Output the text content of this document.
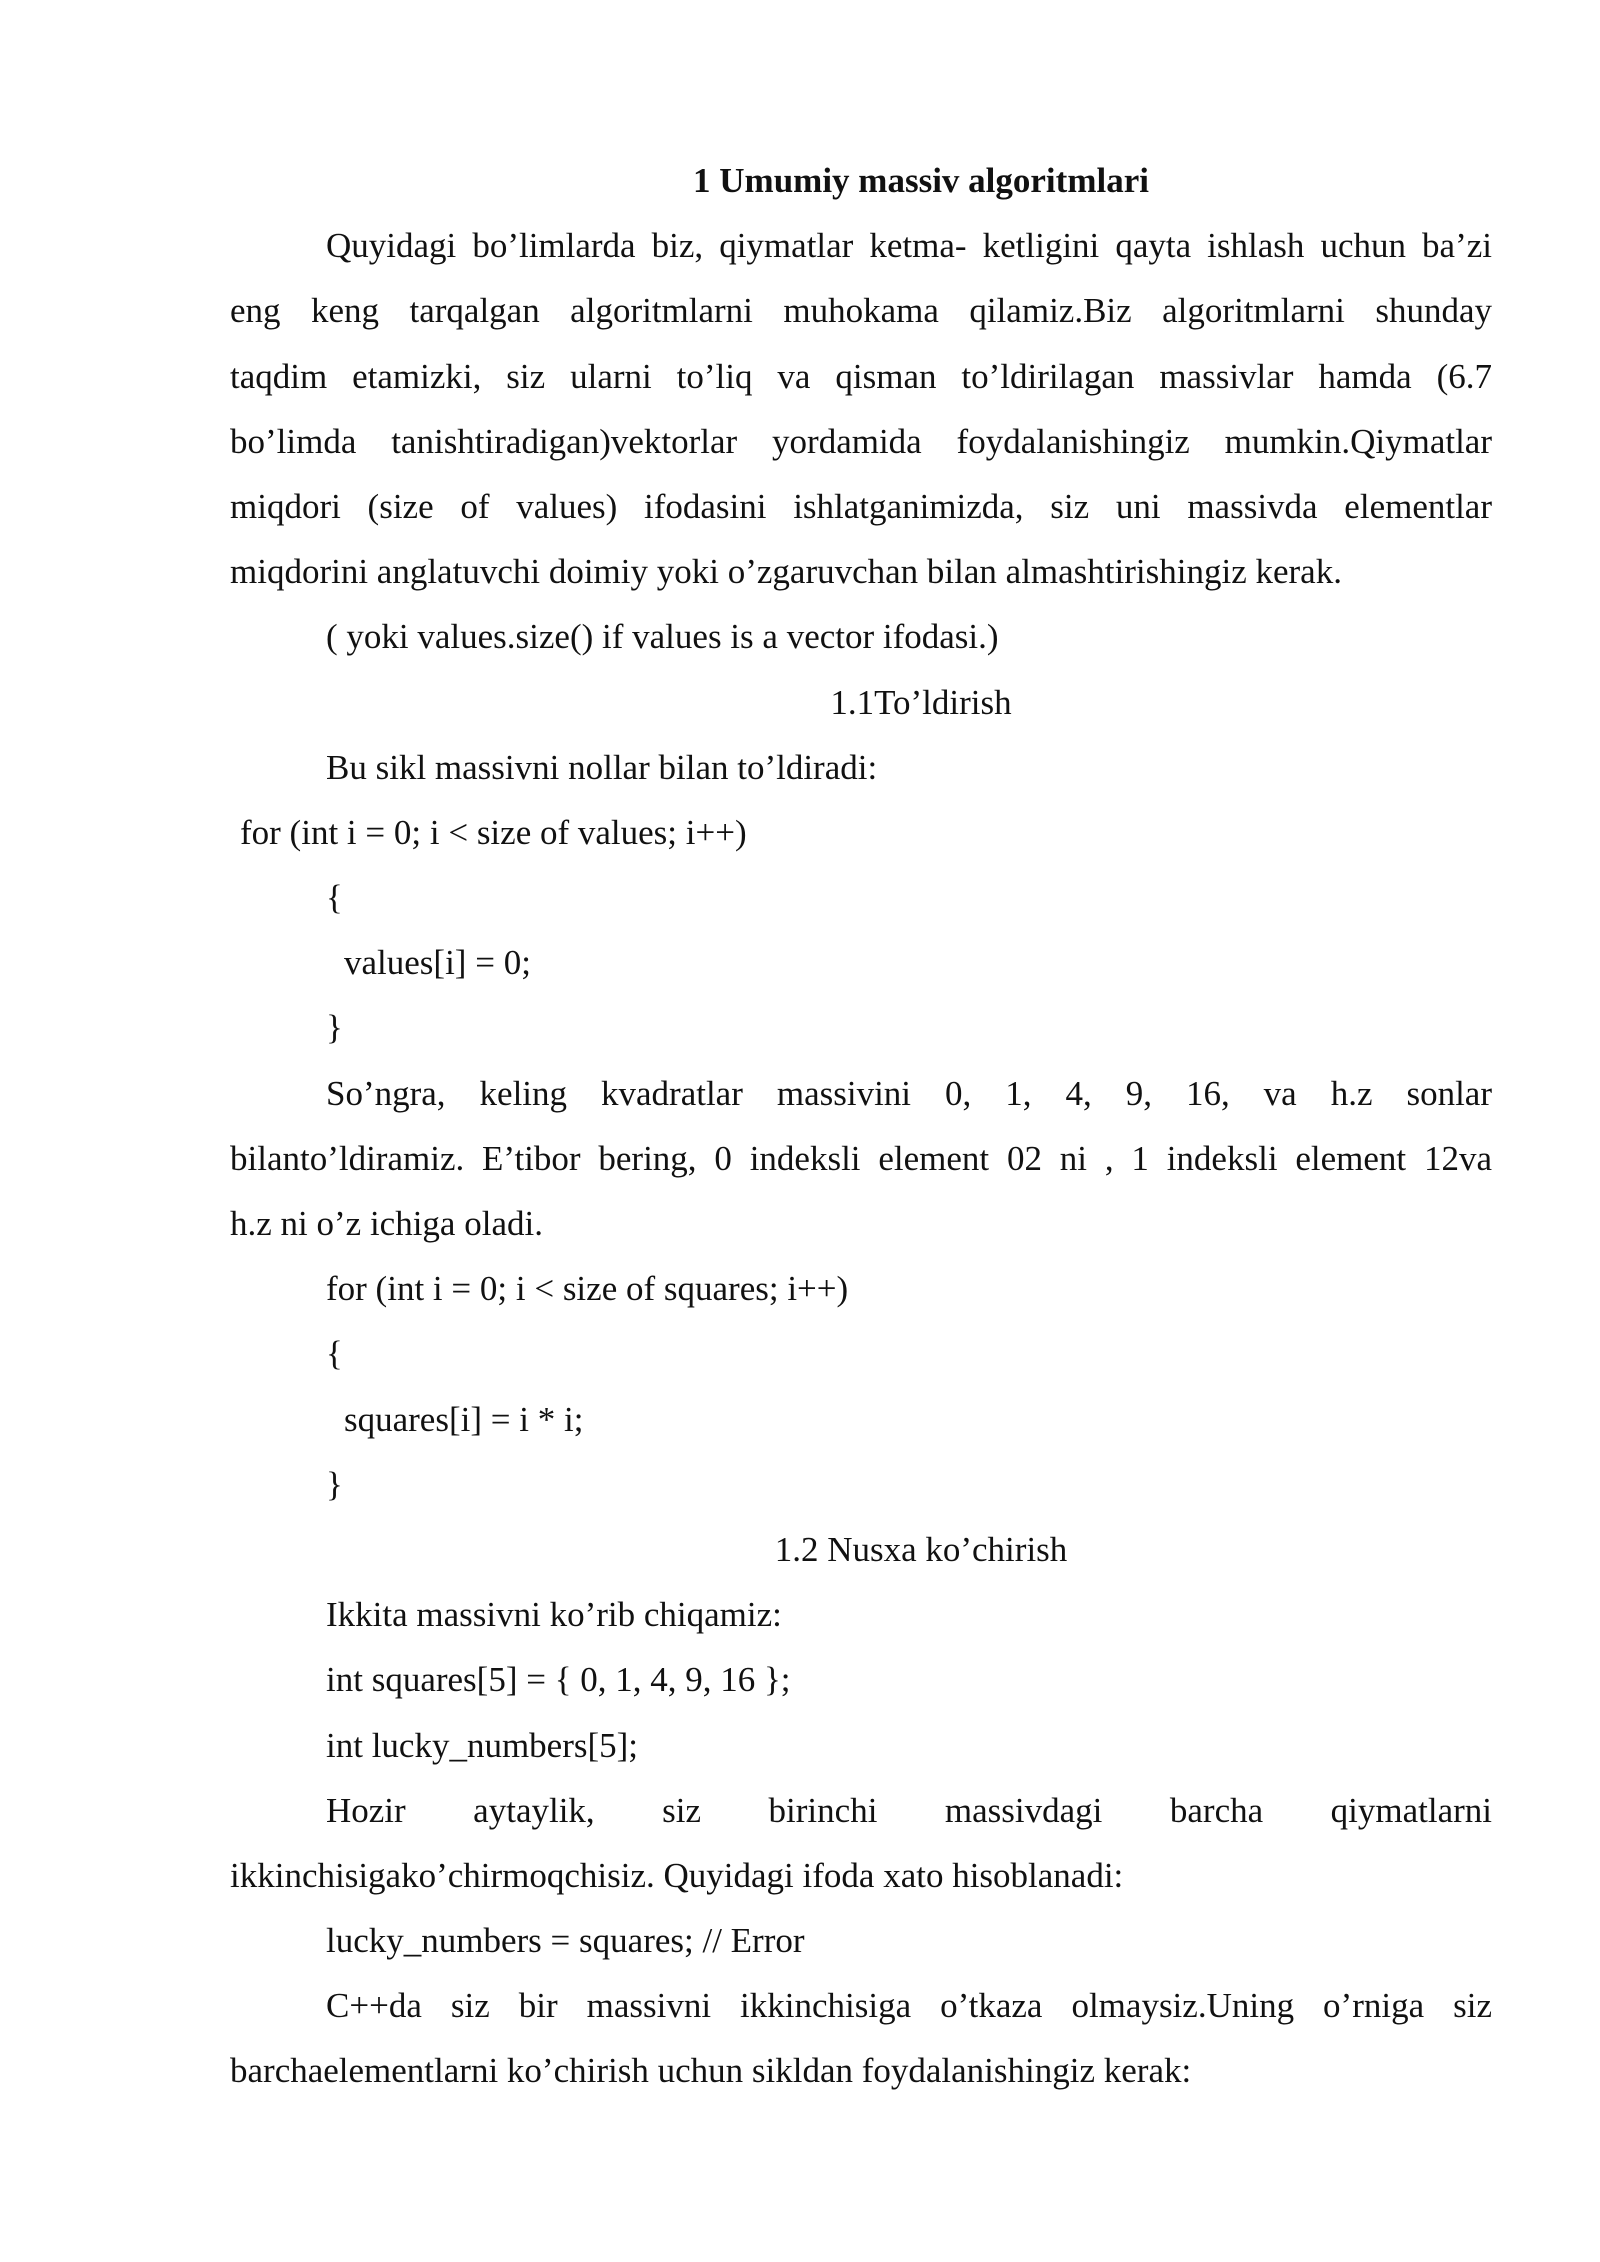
1 Umumiy massiv algoritmlari
Quyidagi bo’limlarda biz, qiymatlar ketma- ketligini qayta ishlash uchun ba’zi
eng keng tarqalgan algoritmlarni muhokama qilamiz.Biz algoritmlarni shunday
taqdim etamizki, siz ularni to’liq va qisman to’ldirilagan massivlar hamda (6.7
bo’limda tanishtiradigan)vektorlar yordamida foydalanishingiz mumkin.Qiymatlar
miqdori (size of values) ifodasini ishlatganimizda, siz uni massivda elementlar
miqdorini anglatuvchi doimiy yoki o’zgaruvchan bilan almashtirishingiz kerak.
( yoki values.size() if values is a vector ifodasi.)
1.1To’ldirish
Bu sikl massivni nollar bilan to’ldiradi:
for (int i = 0; i < size of values; i++)
{
values[i] = 0;
}
So’ngra, keling kvadratlar massivini 0, 1, 4, 9, 16, va h.z sonlar
bilanto’ldiramiz. E’tibor bering, 0 indeksli element 02 ni , 1 indeksli element 12va
h.z ni o’z ichiga oladi.
for (int i = 0; i < size of squares; i++)
{
squares[i] = i * i;
}
1.2 Nusxa ko’chirish
Ikkita massivni ko’rib chiqamiz:
int squares[5] = { 0, 1, 4, 9, 16 };
int lucky_numbers[5];
Hozir aytaylik, siz birinchi massivdagi barcha qiymatlarni
ikkinchisigako’chirmoqchisiz. Quyidagi ifoda xato hisoblanadi:
lucky_numbers = squares; // Error
C++da siz bir massivni ikkinchisiga o’tkaza olmaysiz.Uning o’rniga siz
barchaelementlarni ko’chirish uchun sikldan foydalanishingiz kerak:
